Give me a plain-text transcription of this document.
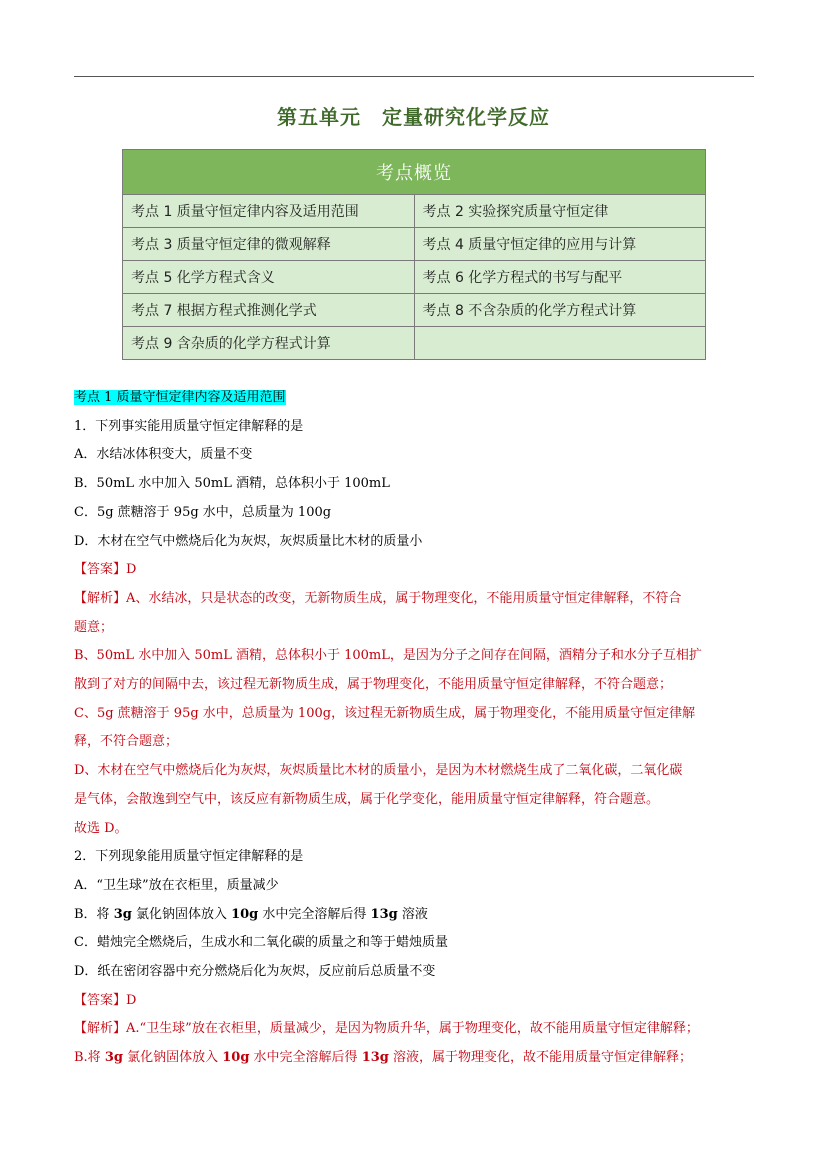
第五单元　定量研究化学反应
考点概览	
考点 1 质量守恒定律内容及适用范围	考点 2 实验探究质量守恒定律
考点 3 质量守恒定律的微观解释	考点 4 质量守恒定律的应用与计算
考点 5 化学方程式含义	考点 6 化学方程式的书写与配平
考点 7 根据方程式推测化学式	考点 8 不含杂质的化学方程式计算
考点 9 含杂质的化学方程式计算	
考点 1 质量守恒定律内容及适用范围
1．下列事实能用质量守恒定律解释的是
A．水结冰体积变大，质量不变
B．50mL 水中加入 50mL 酒精，总体积小于 100mL
C．5g 蔗糖溶于 95g 水中，总质量为 100g
D．木材在空气中燃烧后化为灰烬，灰烬质量比木材的质量小
【答案】D
【解析】A、水结冰，只是状态的改变，无新物质生成，属于物理变化，不能用质量守恒定律解释，不符合
题意；
B、50mL 水中加入 50mL 酒精，总体积小于 100mL，是因为分子之间存在间隔，酒精分子和水分子互相扩
散到了对方的间隔中去，该过程无新物质生成，属于物理变化，不能用质量守恒定律解释，不符合题意；
C、5g 蔗糖溶于 95g 水中，总质量为 100g，该过程无新物质生成，属于物理变化，不能用质量守恒定律解
释，不符合题意；
D、木材在空气中燃烧后化为灰烬，灰烬质量比木材的质量小，是因为木材燃烧生成了二氧化碳，二氧化碳
是气体，会散逸到空气中，该反应有新物质生成，属于化学变化，能用质量守恒定律解释，符合题意。
故选 D。
2．下列现象能用质量守恒定律解释的是
A．“卫生球”放在衣柜里，质量减少
B．将 3g 氯化钠固体放入 10g 水中完全溶解后得 13g 溶液
C．蜡烛完全燃烧后，生成水和二氧化碳的质量之和等于蜡烛质量
D．纸在密闭容器中充分燃烧后化为灰烬，反应前后总质量不变
【答案】D
【解析】A.“卫生球”放在衣柜里，质量减少，是因为物质升华，属于物理变化，故不能用质量守恒定律解释；
B.将 3g 氯化钠固体放入 10g 水中完全溶解后得 13g 溶液，属于物理变化，故不能用质量守恒定律解释；
